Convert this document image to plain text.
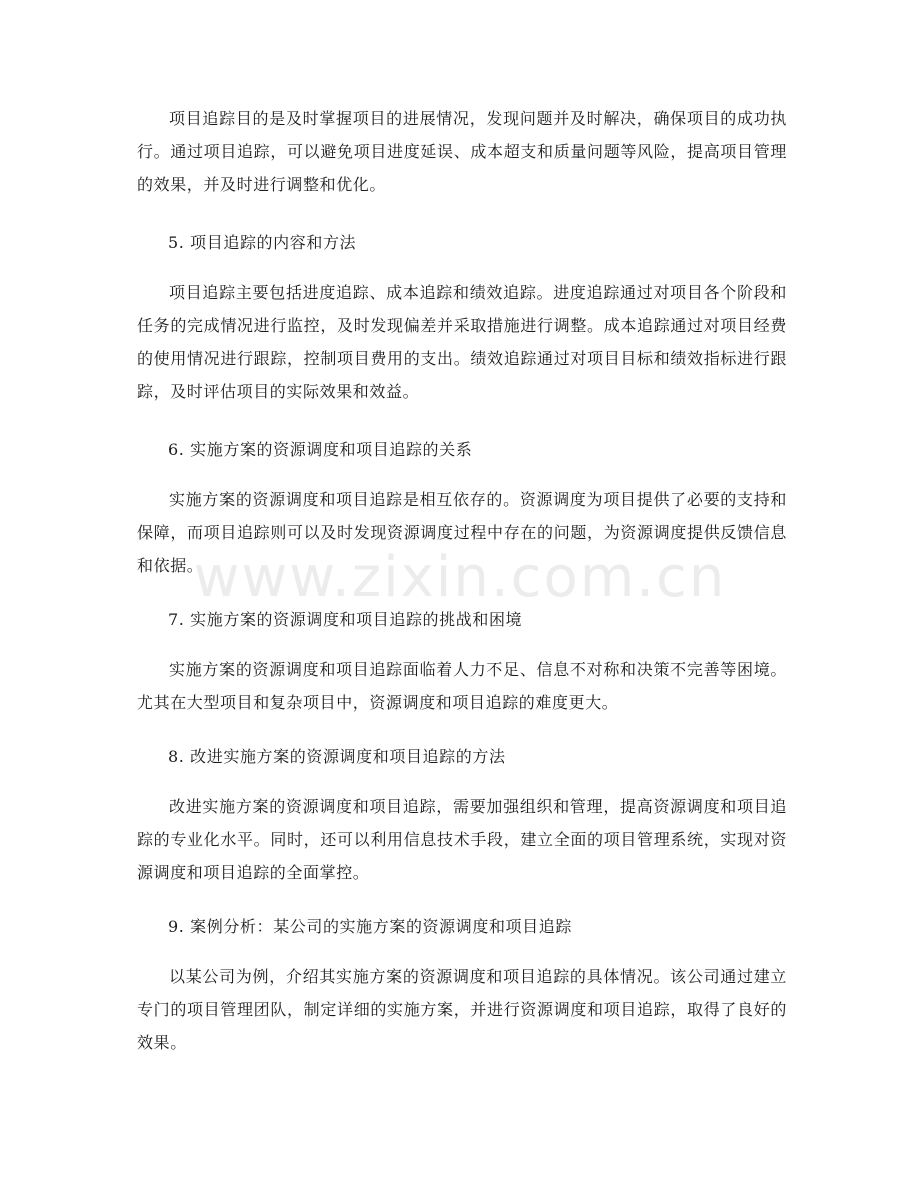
项目追踪目的是及时掌握项目的进展情况，发现问题并及时解决，确保项目的成功执行。通过项目追踪，可以避免项目进度延误、成本超支和质量问题等风险，提高项目管理的效果，并及时进行调整和优化。

5. 项目追踪的内容和方法

项目追踪主要包括进度追踪、成本追踪和绩效追踪。进度追踪通过对项目各个阶段和任务的完成情况进行监控，及时发现偏差并采取措施进行调整。成本追踪通过对项目经费的使用情况进行跟踪，控制项目费用的支出。绩效追踪通过对项目目标和绩效指标进行跟踪，及时评估项目的实际效果和效益。

6. 实施方案的资源调度和项目追踪的关系

实施方案的资源调度和项目追踪是相互依存的。资源调度为项目提供了必要的支持和保障，而项目追踪则可以及时发现资源调度过程中存在的问题，为资源调度提供反馈信息和依据。

www.zixin.com.cn
7. 实施方案的资源调度和项目追踪的挑战和困境

实施方案的资源调度和项目追踪面临着人力不足、信息不对称和决策不完善等困境。尤其在大型项目和复杂项目中，资源调度和项目追踪的难度更大。

8. 改进实施方案的资源调度和项目追踪的方法

改进实施方案的资源调度和项目追踪，需要加强组织和管理，提高资源调度和项目追踪的专业化水平。同时，还可以利用信息技术手段，建立全面的项目管理系统，实现对资源调度和项目追踪的全面掌控。

9. 案例分析：某公司的实施方案的资源调度和项目追踪

以某公司为例，介绍其实施方案的资源调度和项目追踪的具体情况。该公司通过建立专门的项目管理团队，制定详细的实施方案，并进行资源调度和项目追踪，取得了良好的效果。
